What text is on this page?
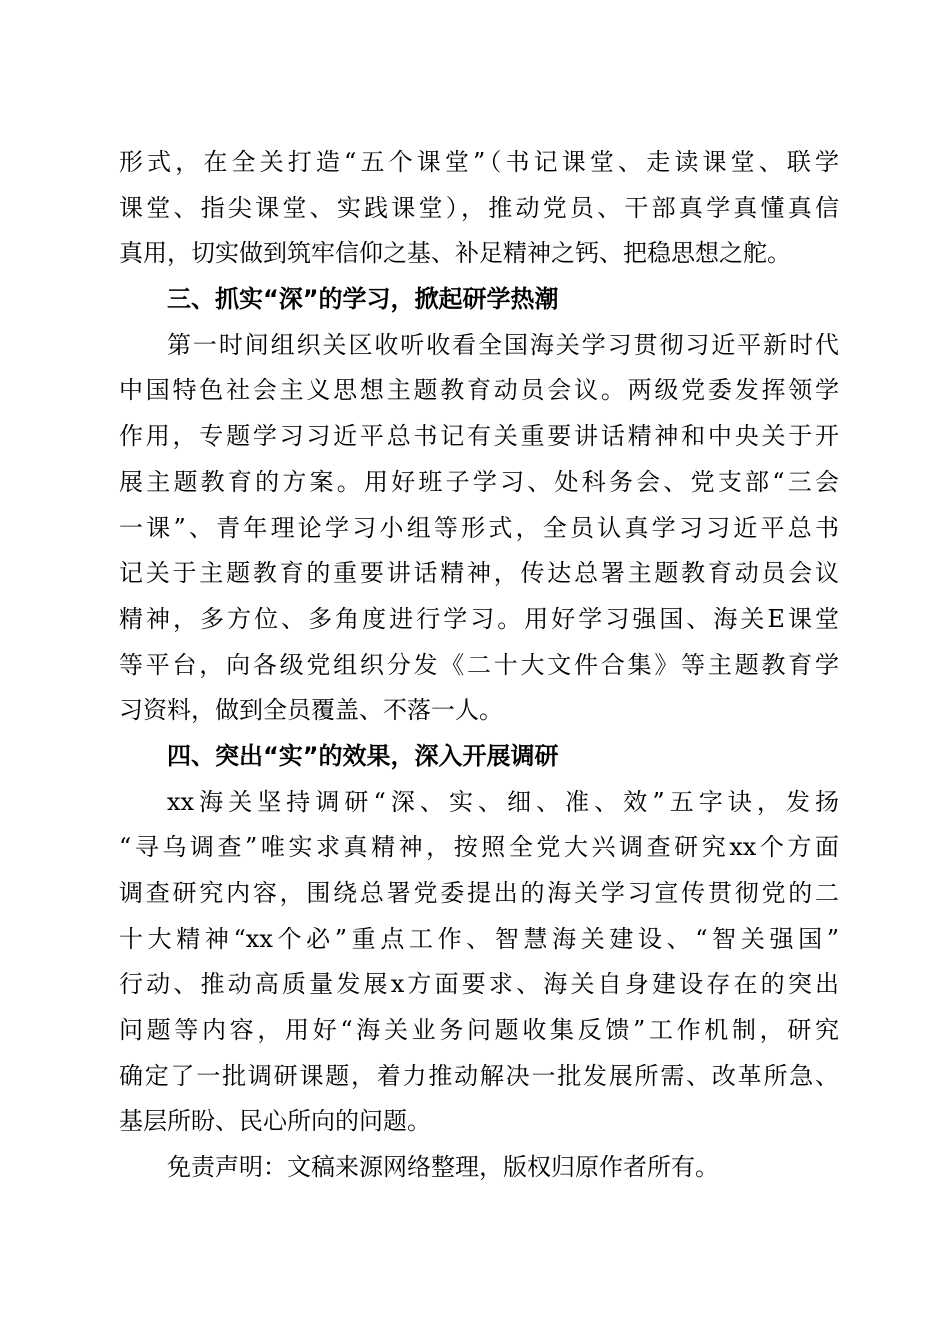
形式，在全关打造“五个课堂”（书记课堂、走读课堂、联学
课堂、指尖课堂、实践课堂），推动党员、干部真学真懂真信
真用，切实做到筑牢信仰之基、补足精神之钙、把稳思想之舵。
三、抓实“深”的学习，掀起研学热潮
第一时间组织关区收听收看全国海关学习贯彻习近平新时代
中国特色社会主义思想主题教育动员会议。两级党委发挥领学
作用，专题学习习近平总书记有关重要讲话精神和中央关于开
展主题教育的方案。用好班子学习、处科务会、党支部“三会
一课”、青年理论学习小组等形式，全员认真学习习近平总书
记关于主题教育的重要讲话精神，传达总署主题教育动员会议
精神，多方位、多角度进行学习。用好学习强国、海关E课堂
等平台，向各级党组织分发《二十大文件合集》等主题教育学
习资料，做到全员覆盖、不落一人。
四、突出“实”的效果，深入开展调研
xx海关坚持调研“深、实、细、准、效”五字诀，发扬
“寻乌调查”唯实求真精神，按照全党大兴调查研究xx个方面
调查研究内容，围绕总署党委提出的海关学习宣传贯彻党的二
十大精神“xx个必”重点工作、智慧海关建设、“智关强国”
行动、推动高质量发展x方面要求、海关自身建设存在的突出
问题等内容，用好“海关业务问题收集反馈”工作机制，研究
确定了一批调研课题，着力推动解决一批发展所需、改革所急、
基层所盼、民心所向的问题。
免责声明：文稿来源网络整理，版权归原作者所有。
